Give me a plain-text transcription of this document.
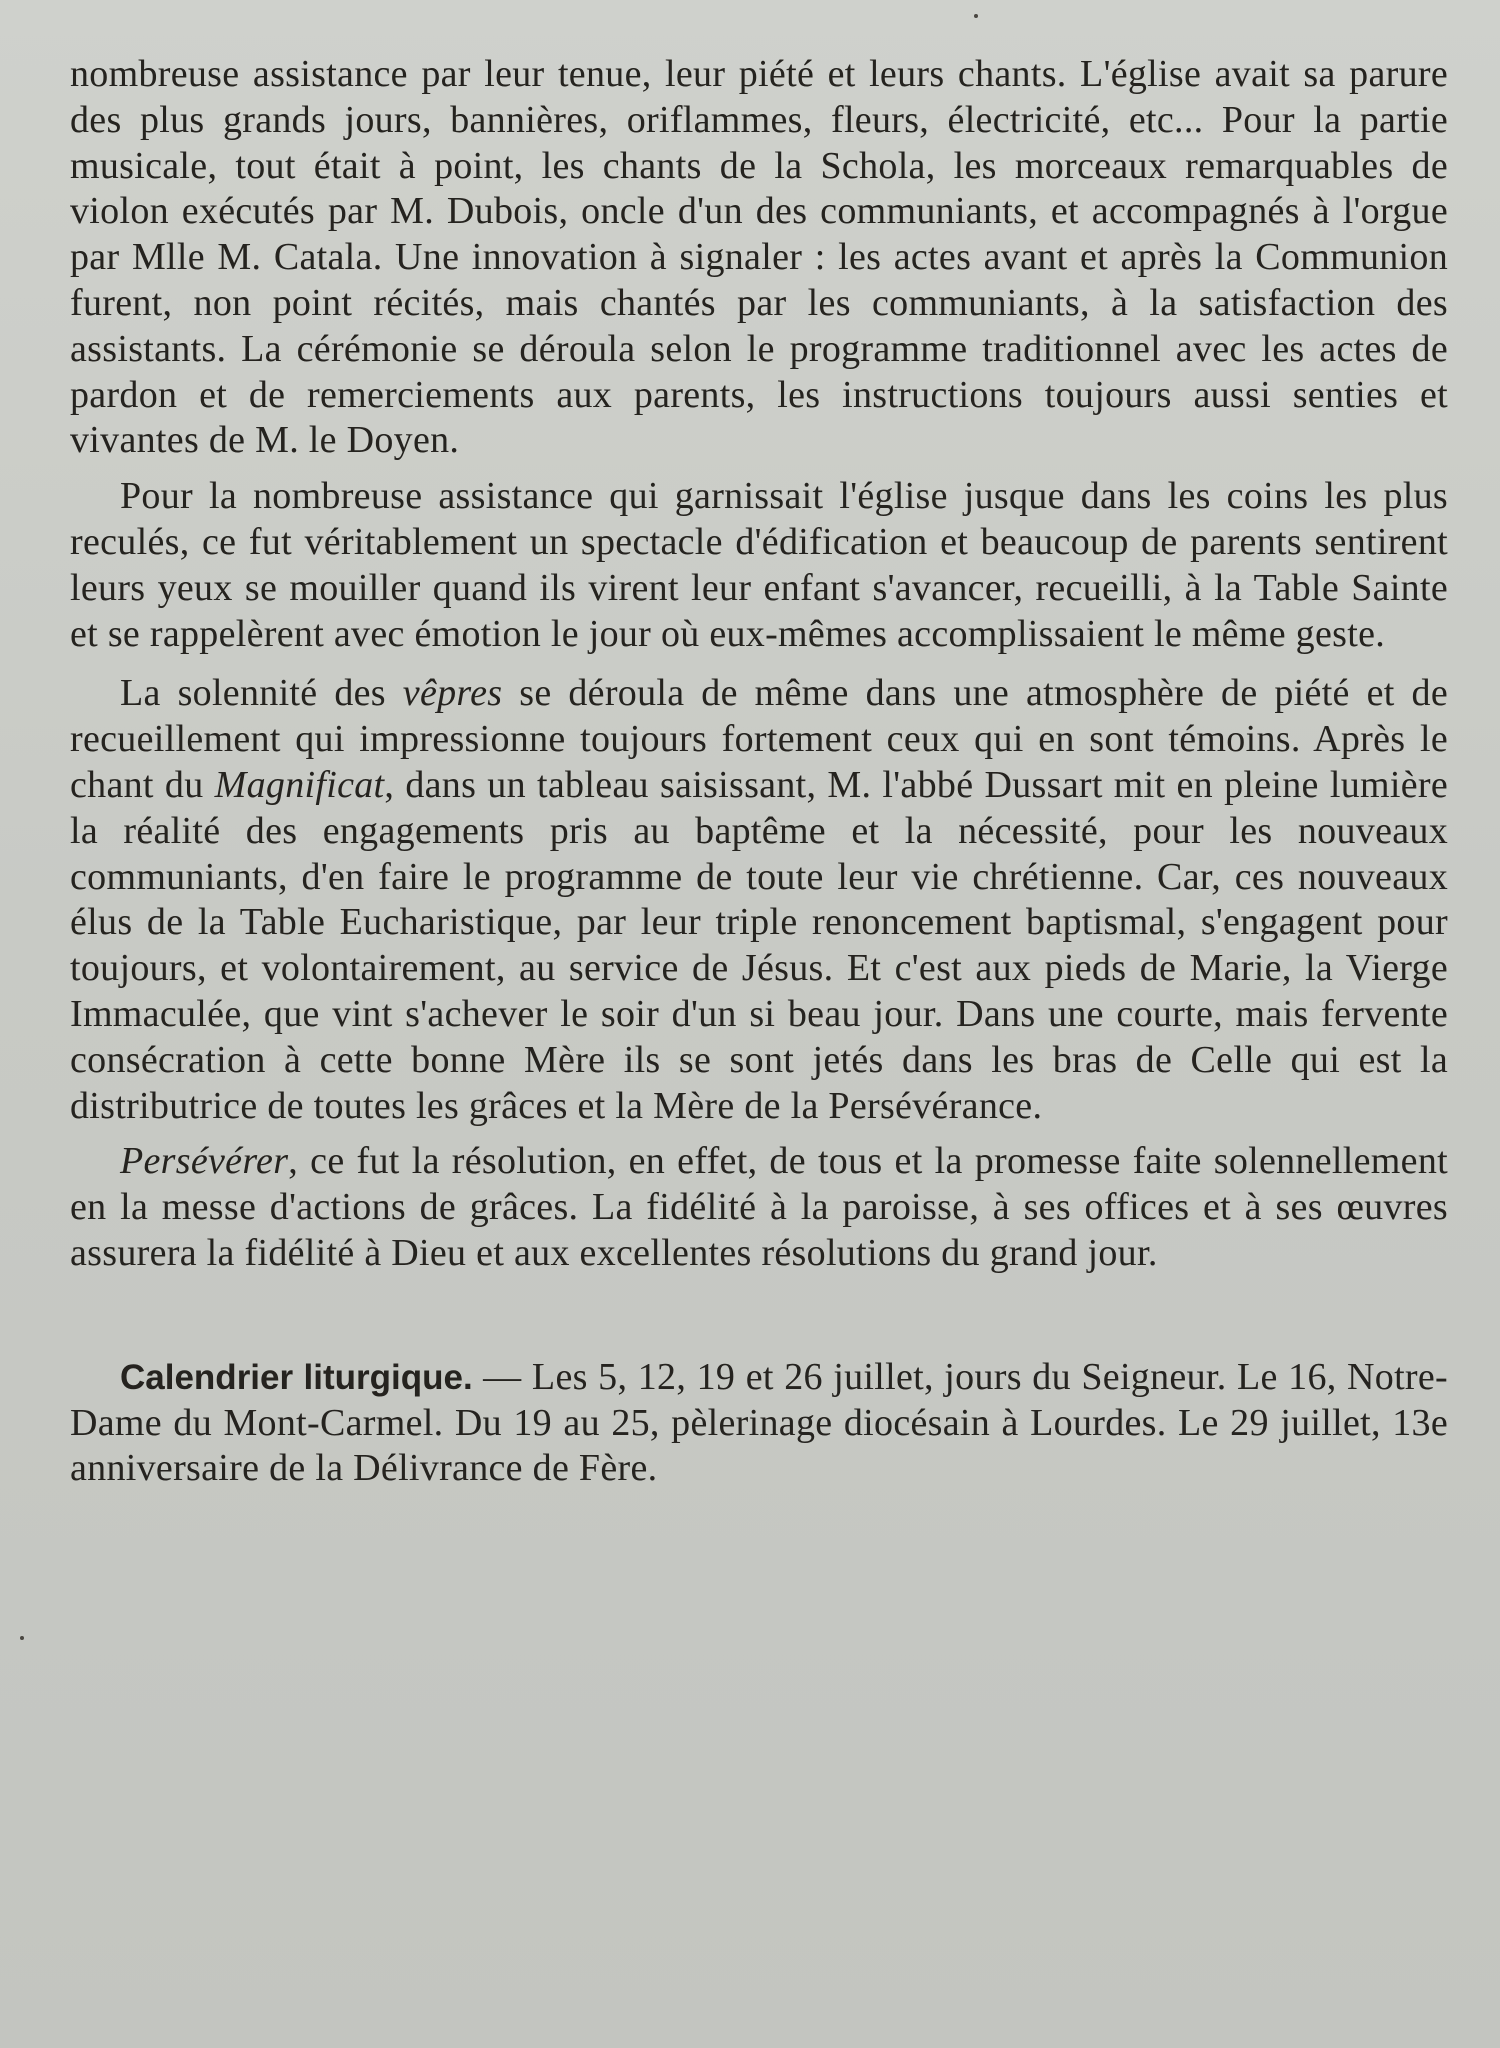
nombreuse assistance par leur tenue, leur piété et leurs chants. L'église avait sa parure des plus grands jours, bannières, oriflammes, fleurs, électricité, etc... Pour la partie musicale, tout était à point, les chants de la Schola, les morceaux remarquables de violon exécutés par M. Dubois, oncle d'un des communiants, et accompagnés à l'orgue par Mlle M. Catala. Une innovation à signaler : les actes avant et après la Communion furent, non point récités, mais chantés par les communiants, à la satisfaction des assistants. La cérémonie se déroula selon le programme traditionnel avec les actes de pardon et de remerciements aux parents, les instructions toujours aussi senties et vivantes de M. le Doyen.

Pour la nombreuse assistance qui garnissait l'église jusque dans les coins les plus reculés, ce fut véritablement un spectacle d'édification et beaucoup de parents sentirent leurs yeux se mouiller quand ils virent leur enfant s'avancer, recueilli, à la Table Sainte et se rappelèrent avec émotion le jour où eux-mêmes accomplissaient le même geste.

La solennité des vêpres se déroula de même dans une atmosphère de piété et de recueillement qui impressionne toujours fortement ceux qui en sont témoins. Après le chant du Magnificat, dans un tableau saisissant, M. l'abbé Dussart mit en pleine lumière la réalité des engagements pris au baptême et la nécessité, pour les nouveaux communiants, d'en faire le programme de toute leur vie chrétienne. Car, ces nouveaux élus de la Table Eucharistique, par leur triple renoncement baptismal, s'engagent pour toujours, et volontairement, au service de Jésus. Et c'est aux pieds de Marie, la Vierge Immaculée, que vint s'achever le soir d'un si beau jour. Dans une courte, mais fervente consécration à cette bonne Mère ils se sont jetés dans les bras de Celle qui est la distributrice de toutes les grâces et la Mère de la Persévérance.

Persévérer, ce fut la résolution, en effet, de tous et la promesse faite solennellement en la messe d'actions de grâces. La fidélité à la paroisse, à ses offices et à ses œuvres assurera la fidélité à Dieu et aux excellentes résolutions du grand jour.

Calendrier liturgique. — Les 5, 12, 19 et 26 juillet, jours du Seigneur. Le 16, Notre-Dame du Mont-Carmel. Du 19 au 25, pèlerinage diocésain à Lourdes. Le 29 juillet, 13e anniversaire de la Délivrance de Fère.
